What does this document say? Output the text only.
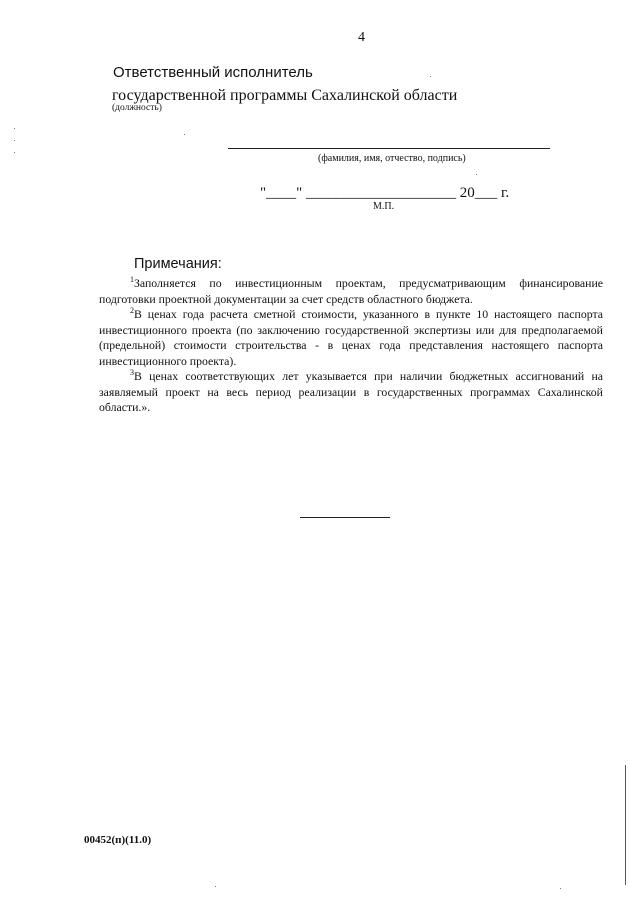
4
Ответственный исполнитель
государственной программы Сахалинской области
(должность)
(фамилия, имя, отчество, подпись)
"____" ____________________ 20___ г.
М.П.
Примечания:
$^1$Заполняется по инвестиционным проектам, предусматривающим финансирование подготовки проектной документации за счет средств областного бюджета.
$^2$В ценах года расчета сметной стоимости, указанного в пункте 10 настоящего паспорта инвестиционного проекта (по заключению государственной экспертизы или для предполагаемой (предельной) стоимости строительства - в ценах года представления настоящего паспорта инвестиционного проекта).
$^3$В ценах соответствующих лет указывается при наличии бюджетных ассигнований на заявляемый проект на весь период реализации в государственных программах Сахалинской области.».
00452(п)(11.0)
